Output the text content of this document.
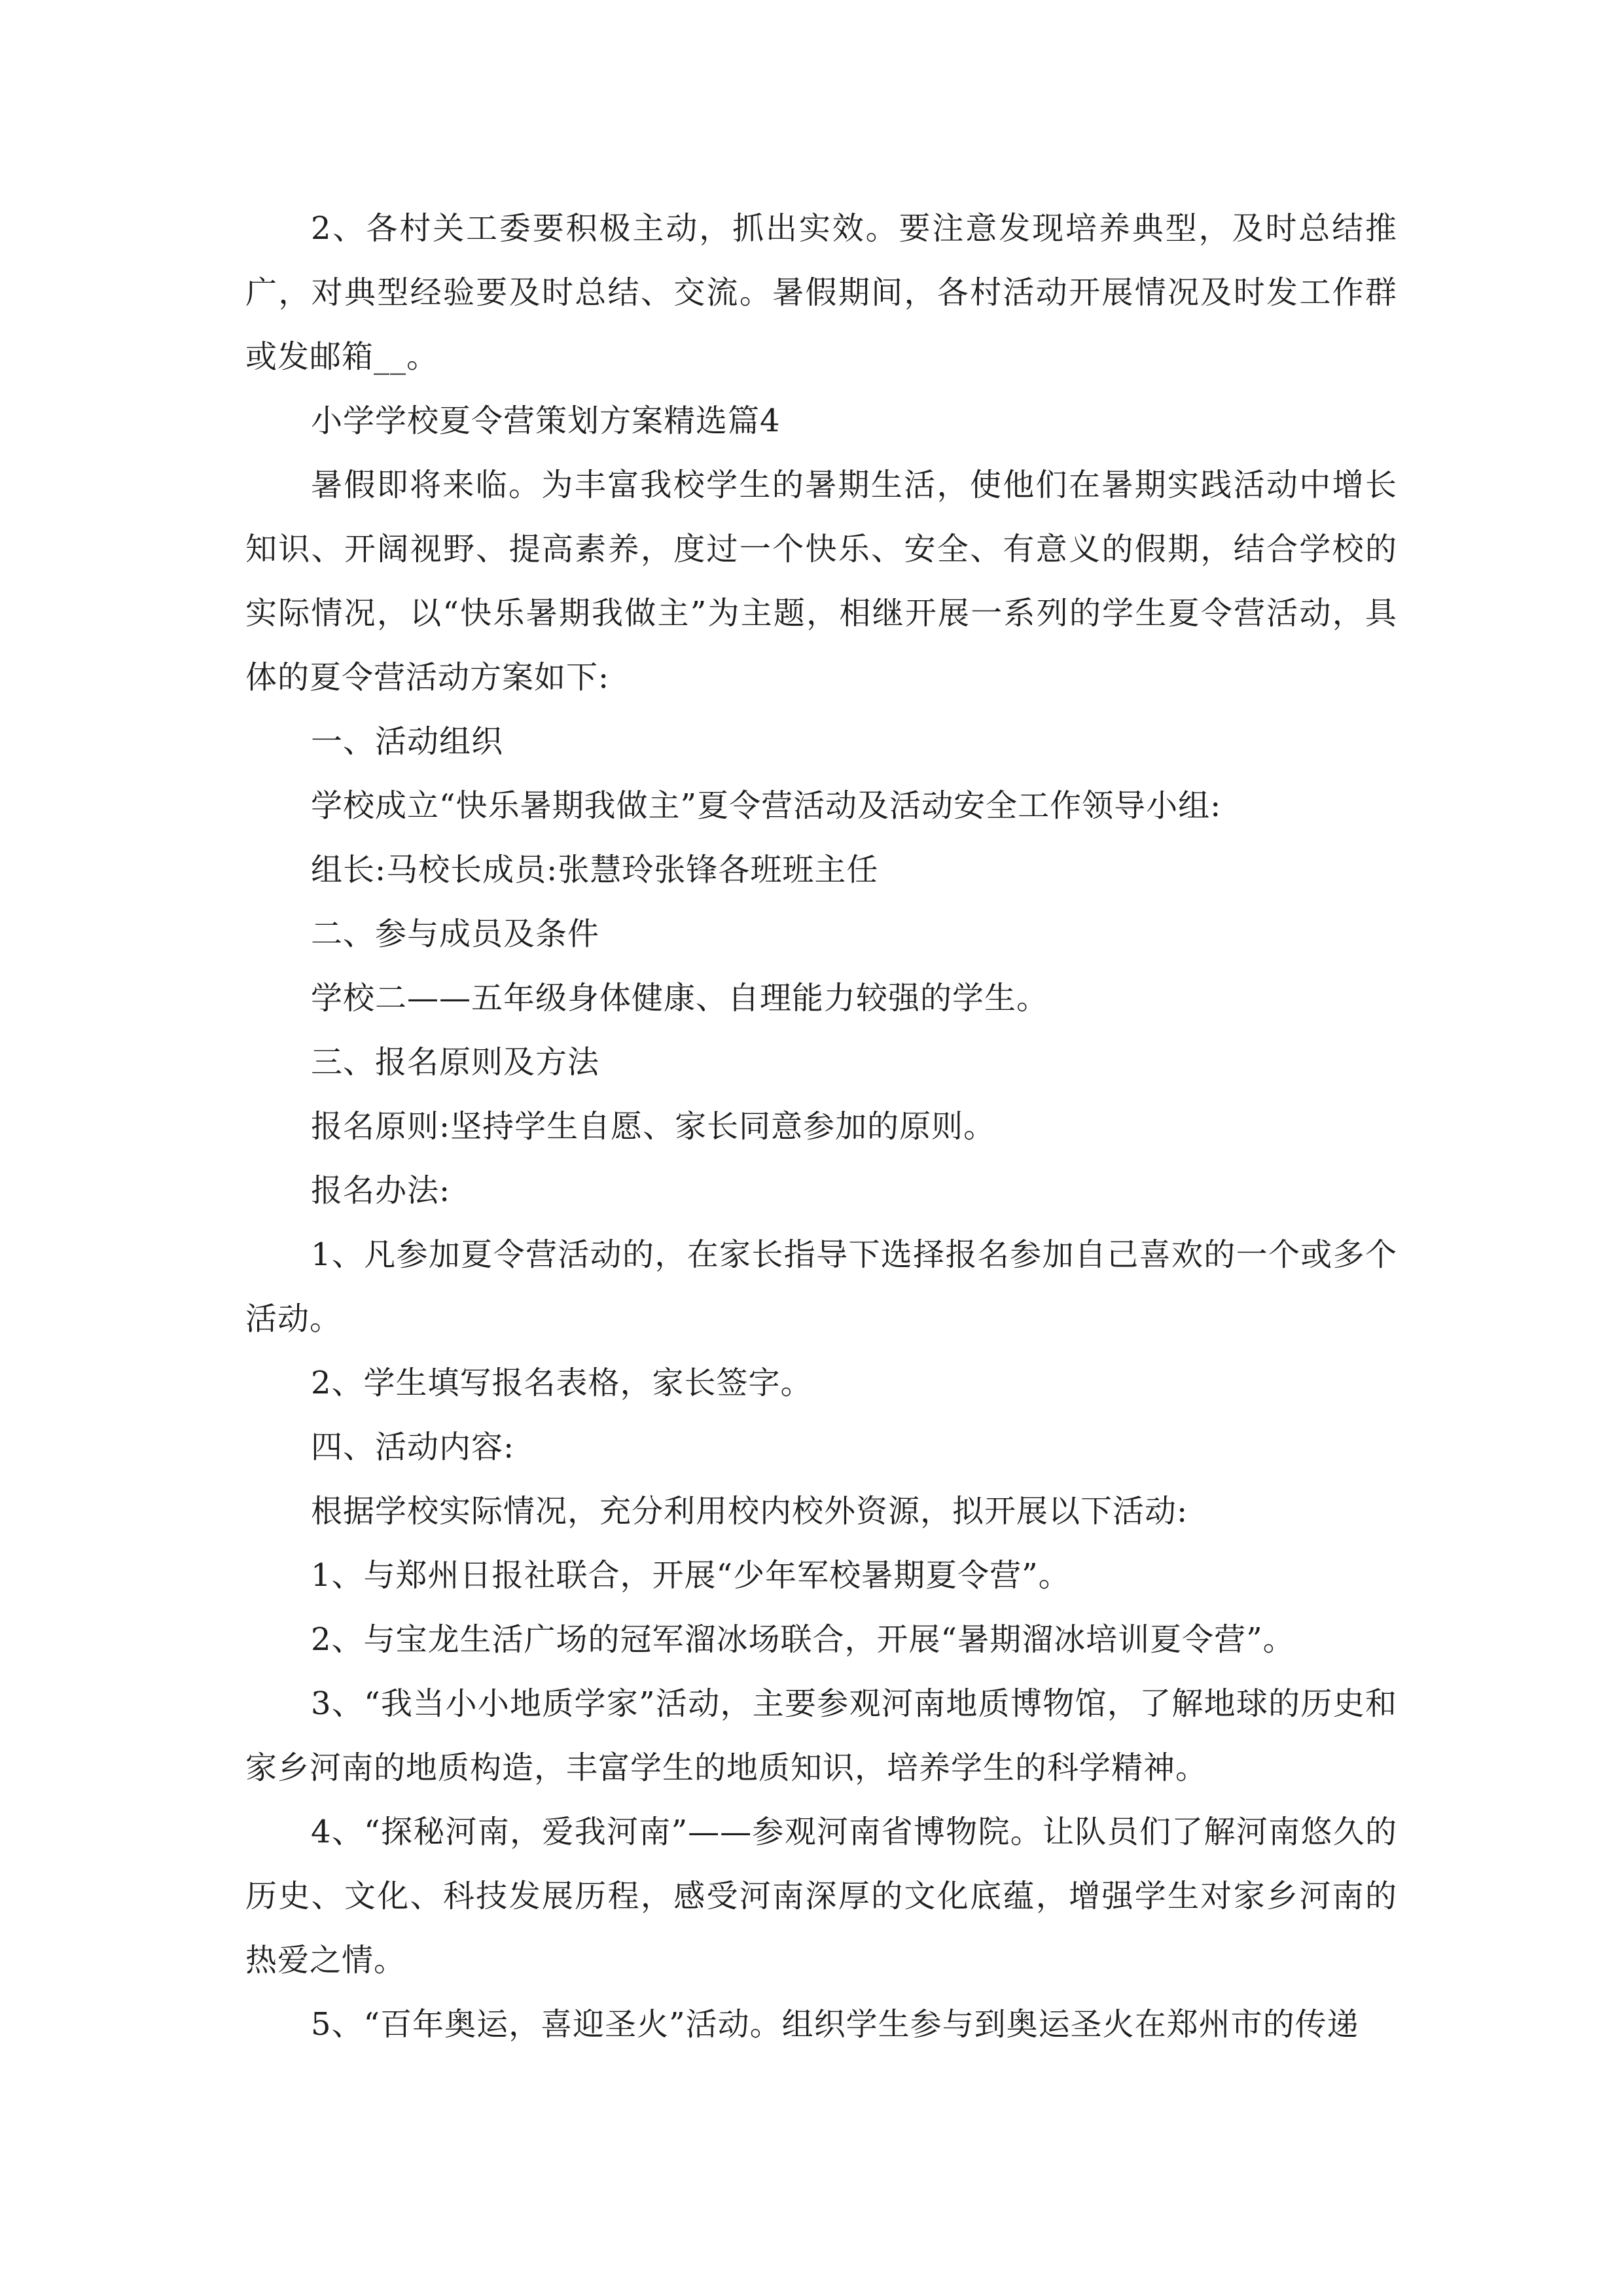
2、各村关工委要积极主动，抓出实效。要注意发现培养典型，及时总结推广，对典型经验要及时总结、交流。暑假期间，各村活动开展情况及时发工作群或发邮箱__。

小学学校夏令营策划方案精选篇4

暑假即将来临。为丰富我校学生的暑期生活，使他们在暑期实践活动中增长知识、开阔视野、提高素养，度过一个快乐、安全、有意义的假期，结合学校的实际情况，以“快乐暑期我做主”为主题，相继开展一系列的学生夏令营活动，具体的夏令营活动方案如下:

一、活动组织

学校成立“快乐暑期我做主”夏令营活动及活动安全工作领导小组:

组长:马校长成员:张慧玲张锋各班班主任

二、参与成员及条件

学校二——五年级身体健康、自理能力较强的学生。

三、报名原则及方法

报名原则:坚持学生自愿、家长同意参加的原则。

报名办法:

1、凡参加夏令营活动的，在家长指导下选择报名参加自己喜欢的一个或多个活动。

2、学生填写报名表格，家长签字。

四、活动内容:

根据学校实际情况，充分利用校内校外资源，拟开展以下活动:

1、与郑州日报社联合，开展“少年军校暑期夏令营”。

2、与宝龙生活广场的冠军溜冰场联合，开展“暑期溜冰培训夏令营”。

3、“我当小小地质学家”活动，主要参观河南地质博物馆，了解地球的历史和家乡河南的地质构造，丰富学生的地质知识，培养学生的科学精神。

4、“探秘河南，爱我河南”——参观河南省博物院。让队员们了解河南悠久的历史、文化、科技发展历程，感受河南深厚的文化底蕴，增强学生对家乡河南的热爱之情。

5、“百年奥运，喜迎圣火”活动。组织学生参与到奥运圣火在郑州市的传递
